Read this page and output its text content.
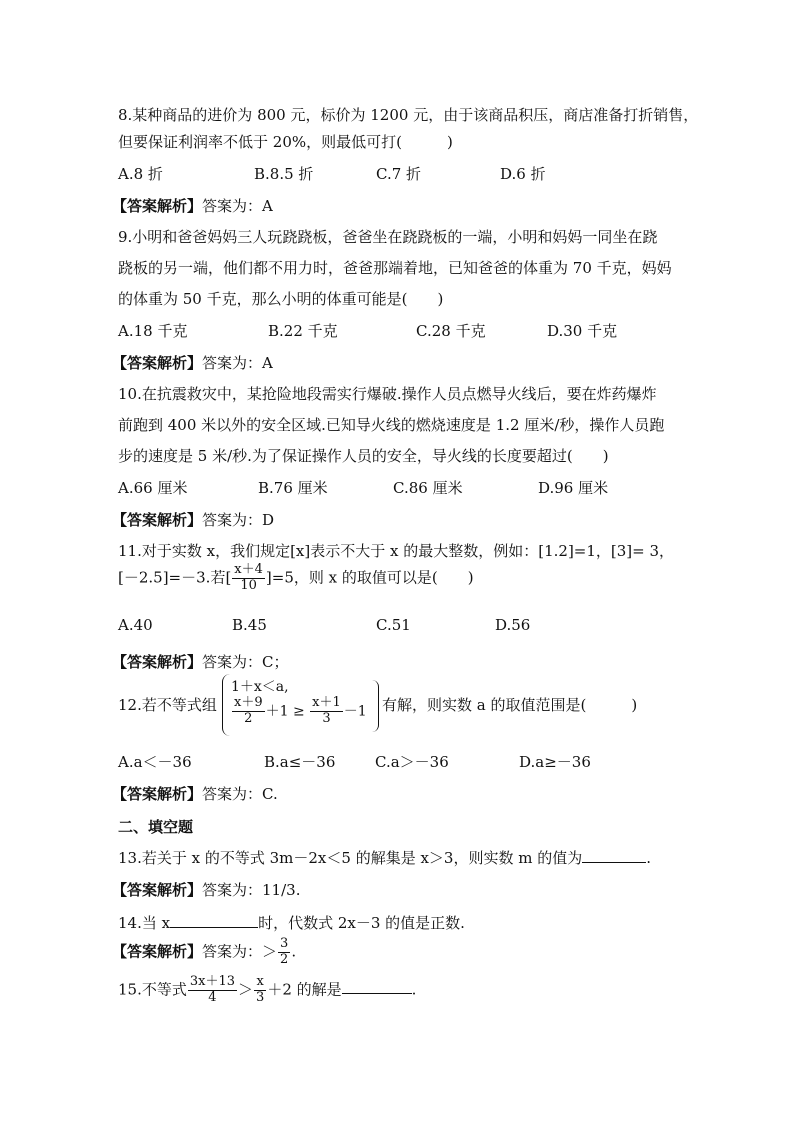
8.某种商品的进价为 800 元，标价为 1200 元，由于该商品积压，商店准备打折销售，
但要保证利润率不低于 20%，则最低可打(　　　)
A.8 折	B.8.5 折	C.7 折	D.6 折
【答案解析】答案为：A
9.小明和爸爸妈妈三人玩跷跷板，爸爸坐在跷跷板的一端，小明和妈妈一同坐在跷
跷板的另一端，他们都不用力时，爸爸那端着地，已知爸爸的体重为 70 千克，妈妈
的体重为 50 千克，那么小明的体重可能是(　　)
A.18 千克	B.22 千克	C.28 千克	D.30 千克
【答案解析】答案为：A
10.在抗震救灾中，某抢险地段需实行爆破.操作人员点燃导火线后，要在炸药爆炸
前跑到 400 米以外的安全区域.已知导火线的燃烧速度是 1.2 厘米/秒，操作人员跑
步的速度是 5 米/秒.为了保证操作人员的安全，导火线的长度要超过(　　)
A.66 厘米	B.76 厘米	C.86 厘米	D.96 厘米
【答案解析】答案为：D
11.对于实数 x，我们规定[x]表示不大于 x 的最大整数，例如：[1.2]=1，[3]= 3，
[－2.5]=－3.若[ $\frac{x+4}{10} ]=5$，则 x 的取值可以是(　　)
A.40	B.45	C.51	D.56
【答案解析】答案为：C；
12.若不等式组
1＋x＜a,
$\frac{x+9}{2} +1 \ge \frac{x+1}{3} -1$ 有解，则实数 a 的取值范围是(　　　)
A.a＜－36	B.a≤－36	C.a＞－36	D.a≥－36
【答案解析】答案为：C.
二、填空题
13.若关于 x 的不等式 3m－2x＜5 的解集是 x＞3，则实数 m 的值为	.
【答案解析】答案为：11/3.
14.当 x	时，代数式 2x－3 的值是正数.
【答案解析】答案为：＞ $\frac{3}{2}$ .
15.不等式 $\frac{3x+13}{4} > \frac{x}{3} +2$ 的解是	.
